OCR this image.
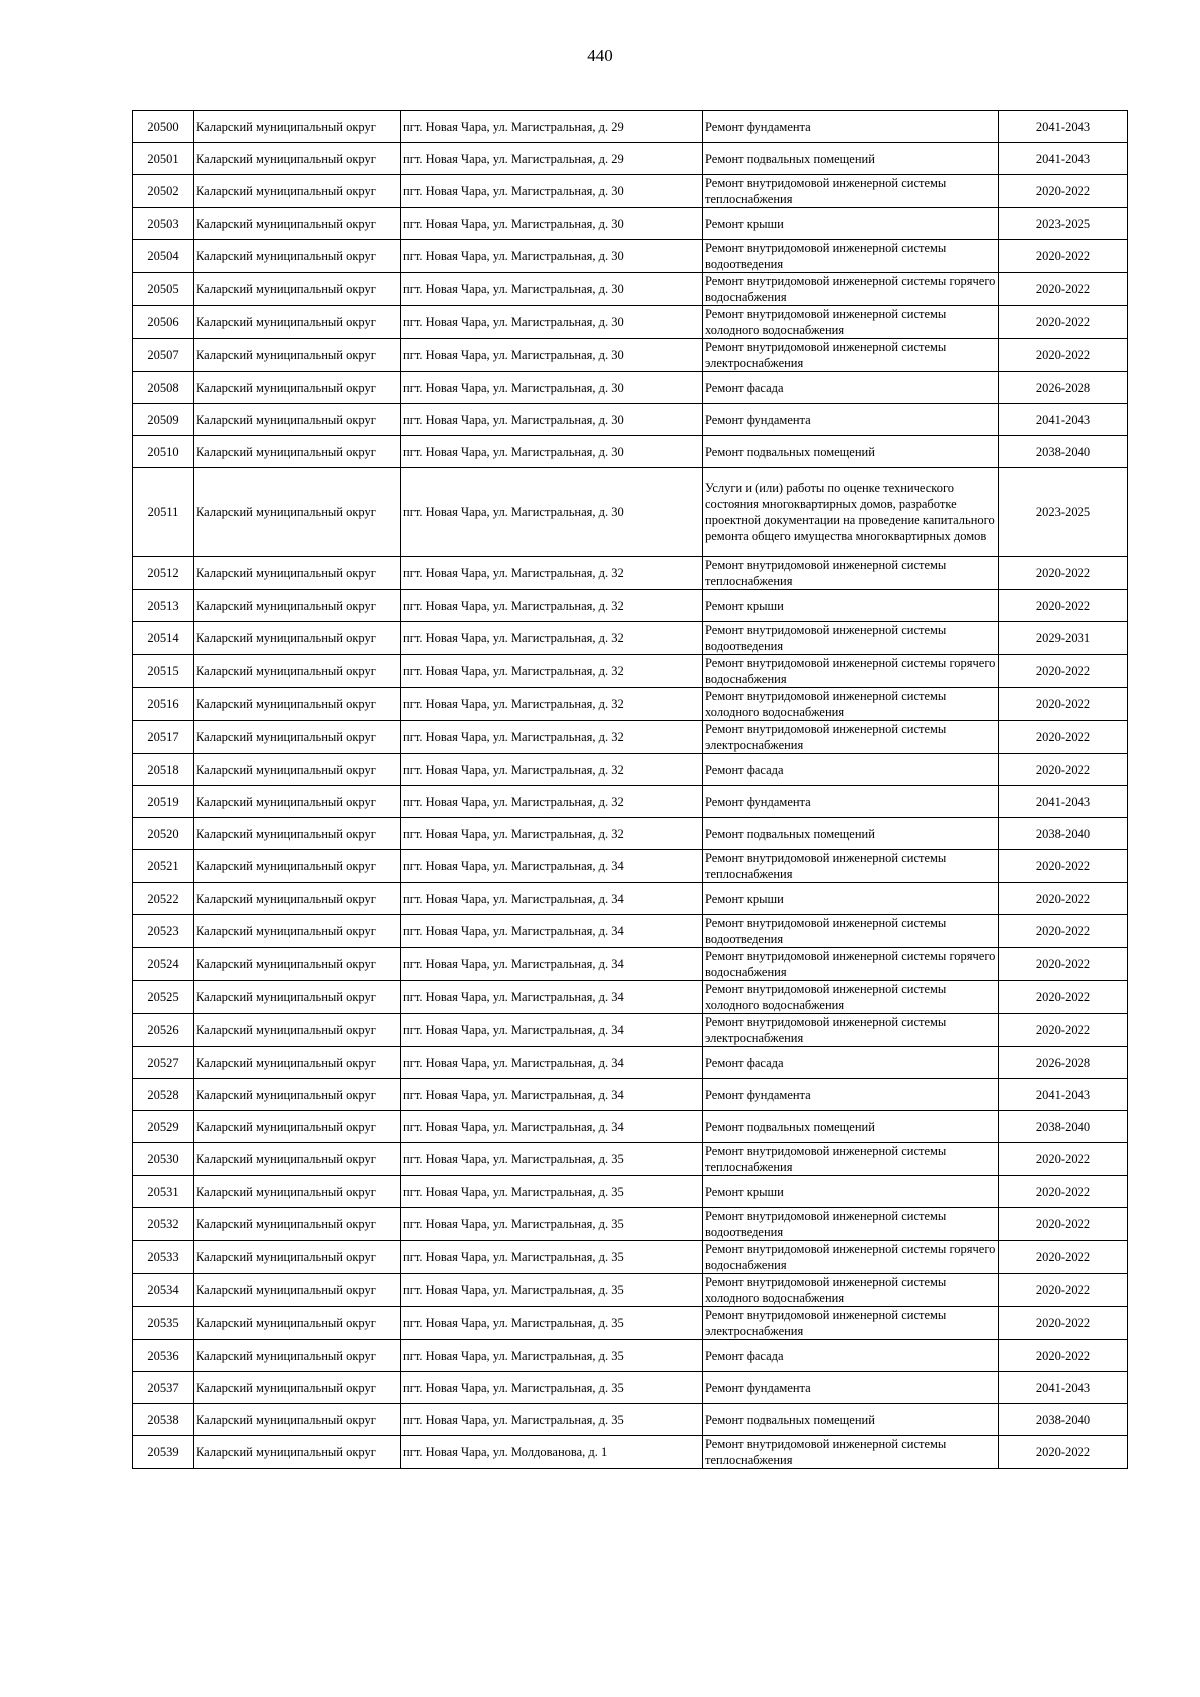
440
20500	Каларский муниципальный округ	пгт. Новая Чара, ул. Магистральная, д. 29	Ремонт фундамента	2041-2043
20501	Каларский муниципальный округ	пгт. Новая Чара, ул. Магистральная, д. 29	Ремонт подвальных помещений	2041-2043
20502	Каларский муниципальный округ	пгт. Новая Чара, ул. Магистральная, д. 30	Ремонт внутридомовой инженерной системы теплоснабжения	2020-2022
20503	Каларский муниципальный округ	пгт. Новая Чара, ул. Магистральная, д. 30	Ремонт крыши	2023-2025
20504	Каларский муниципальный округ	пгт. Новая Чара, ул. Магистральная, д. 30	Ремонт внутридомовой инженерной системы водоотведения	2020-2022
20505	Каларский муниципальный округ	пгт. Новая Чара, ул. Магистральная, д. 30	Ремонт внутридомовой инженерной системы горячего водоснабжения	2020-2022
20506	Каларский муниципальный округ	пгт. Новая Чара, ул. Магистральная, д. 30	Ремонт внутридомовой инженерной системы холодного водоснабжения	2020-2022
20507	Каларский муниципальный округ	пгт. Новая Чара, ул. Магистральная, д. 30	Ремонт внутридомовой инженерной системы электроснабжения	2020-2022
20508	Каларский муниципальный округ	пгт. Новая Чара, ул. Магистральная, д. 30	Ремонт фасада	2026-2028
20509	Каларский муниципальный округ	пгт. Новая Чара, ул. Магистральная, д. 30	Ремонт фундамента	2041-2043
20510	Каларский муниципальный округ	пгт. Новая Чара, ул. Магистральная, д. 30	Ремонт подвальных помещений	2038-2040
20511	Каларский муниципальный округ	пгт. Новая Чара, ул. Магистральная, д. 30	Услуги и (или) работы по оценке технического состояния многоквартирных домов, разработке проектной документации на проведение капитального ремонта общего имущества многоквартирных домов	2023-2025
20512	Каларский муниципальный округ	пгт. Новая Чара, ул. Магистральная, д. 32	Ремонт внутридомовой инженерной системы теплоснабжения	2020-2022
20513	Каларский муниципальный округ	пгт. Новая Чара, ул. Магистральная, д. 32	Ремонт крыши	2020-2022
20514	Каларский муниципальный округ	пгт. Новая Чара, ул. Магистральная, д. 32	Ремонт внутридомовой инженерной системы водоотведения	2029-2031
20515	Каларский муниципальный округ	пгт. Новая Чара, ул. Магистральная, д. 32	Ремонт внутридомовой инженерной системы горячего водоснабжения	2020-2022
20516	Каларский муниципальный округ	пгт. Новая Чара, ул. Магистральная, д. 32	Ремонт внутридомовой инженерной системы холодного водоснабжения	2020-2022
20517	Каларский муниципальный округ	пгт. Новая Чара, ул. Магистральная, д. 32	Ремонт внутридомовой инженерной системы электроснабжения	2020-2022
20518	Каларский муниципальный округ	пгт. Новая Чара, ул. Магистральная, д. 32	Ремонт фасада	2020-2022
20519	Каларский муниципальный округ	пгт. Новая Чара, ул. Магистральная, д. 32	Ремонт фундамента	2041-2043
20520	Каларский муниципальный округ	пгт. Новая Чара, ул. Магистральная, д. 32	Ремонт подвальных помещений	2038-2040
20521	Каларский муниципальный округ	пгт. Новая Чара, ул. Магистральная, д. 34	Ремонт внутридомовой инженерной системы теплоснабжения	2020-2022
20522	Каларский муниципальный округ	пгт. Новая Чара, ул. Магистральная, д. 34	Ремонт крыши	2020-2022
20523	Каларский муниципальный округ	пгт. Новая Чара, ул. Магистральная, д. 34	Ремонт внутридомовой инженерной системы водоотведения	2020-2022
20524	Каларский муниципальный округ	пгт. Новая Чара, ул. Магистральная, д. 34	Ремонт внутридомовой инженерной системы горячего водоснабжения	2020-2022
20525	Каларский муниципальный округ	пгт. Новая Чара, ул. Магистральная, д. 34	Ремонт внутридомовой инженерной системы холодного водоснабжения	2020-2022
20526	Каларский муниципальный округ	пгт. Новая Чара, ул. Магистральная, д. 34	Ремонт внутридомовой инженерной системы электроснабжения	2020-2022
20527	Каларский муниципальный округ	пгт. Новая Чара, ул. Магистральная, д. 34	Ремонт фасада	2026-2028
20528	Каларский муниципальный округ	пгт. Новая Чара, ул. Магистральная, д. 34	Ремонт фундамента	2041-2043
20529	Каларский муниципальный округ	пгт. Новая Чара, ул. Магистральная, д. 34	Ремонт подвальных помещений	2038-2040
20530	Каларский муниципальный округ	пгт. Новая Чара, ул. Магистральная, д. 35	Ремонт внутридомовой инженерной системы теплоснабжения	2020-2022
20531	Каларский муниципальный округ	пгт. Новая Чара, ул. Магистральная, д. 35	Ремонт крыши	2020-2022
20532	Каларский муниципальный округ	пгт. Новая Чара, ул. Магистральная, д. 35	Ремонт внутридомовой инженерной системы водоотведения	2020-2022
20533	Каларский муниципальный округ	пгт. Новая Чара, ул. Магистральная, д. 35	Ремонт внутридомовой инженерной системы горячего водоснабжения	2020-2022
20534	Каларский муниципальный округ	пгт. Новая Чара, ул. Магистральная, д. 35	Ремонт внутридомовой инженерной системы холодного водоснабжения	2020-2022
20535	Каларский муниципальный округ	пгт. Новая Чара, ул. Магистральная, д. 35	Ремонт внутридомовой инженерной системы электроснабжения	2020-2022
20536	Каларский муниципальный округ	пгт. Новая Чара, ул. Магистральная, д. 35	Ремонт фасада	2020-2022
20537	Каларский муниципальный округ	пгт. Новая Чара, ул. Магистральная, д. 35	Ремонт фундамента	2041-2043
20538	Каларский муниципальный округ	пгт. Новая Чара, ул. Магистральная, д. 35	Ремонт подвальных помещений	2038-2040
20539	Каларский муниципальный округ	пгт. Новая Чара, ул. Молдованова, д. 1	Ремонт внутридомовой инженерной системы теплоснабжения	2020-2022
